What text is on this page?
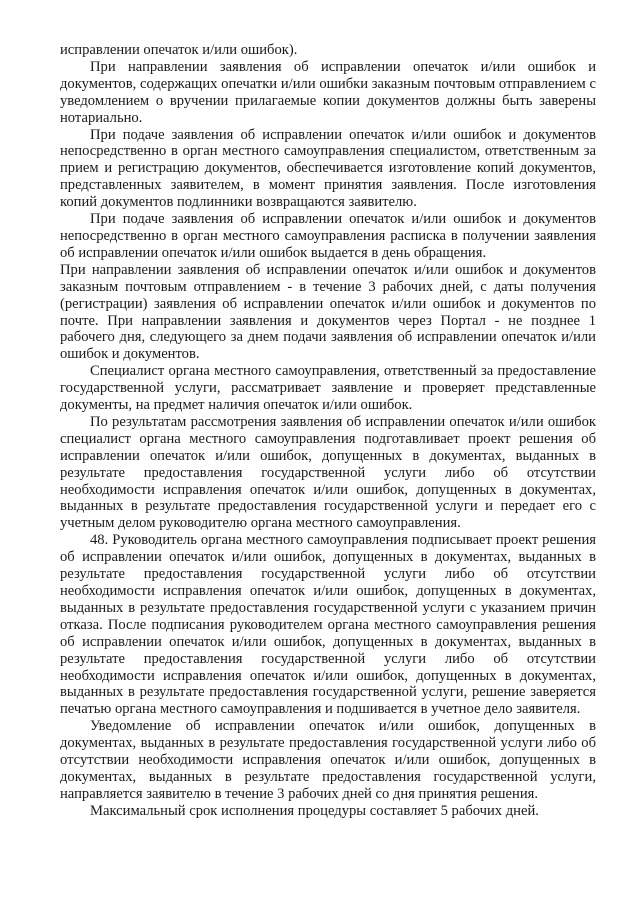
исправлении опечаток и/или ошибок).

При направлении заявления об исправлении опечаток и/или ошибок и документов, содержащих опечатки и/или ошибки заказным почтовым отправлением с уведомлением о вручении прилагаемые копии документов должны быть заверены нотариально.

При подаче заявления об исправлении опечаток и/или ошибок и документов непосредственно в орган местного самоуправления специалистом, ответственным за прием и регистрацию документов, обеспечивается изготовление копий документов, представленных заявителем, в момент принятия заявления. После изготовления копий документов подлинники возвращаются заявителю.

При подаче заявления об исправлении опечаток и/или ошибок и документов непосредственно в орган местного самоуправления расписка в получении заявления об исправлении опечаток и/или ошибок выдается в день обращения.

При направлении заявления об исправлении опечаток и/или ошибок и документов заказным почтовым отправлением - в течение 3 рабочих дней, с даты получения (регистрации) заявления об исправлении опечаток и/или ошибок и документов по почте. При направлении заявления и документов через Портал - не позднее 1 рабочего дня, следующего за днем подачи заявления об исправлении опечаток и/или ошибок и документов.

Специалист органа местного самоуправления, ответственный за предоставление государственной услуги, рассматривает заявление и проверяет представленные документы, на предмет наличия опечаток и/или ошибок.

По результатам рассмотрения заявления об исправлении опечаток и/или ошибок специалист органа местного самоуправления подготавливает проект решения об исправлении опечаток и/или ошибок, допущенных в документах, выданных в результате предоставления государственной услуги либо об отсутствии необходимости исправления опечаток и/или ошибок, допущенных в документах, выданных в результате предоставления государственной услуги и передает его с учетным делом руководителю органа местного самоуправления.

48. Руководитель органа местного самоуправления подписывает проект решения об исправлении опечаток и/или ошибок, допущенных в документах, выданных в результате предоставления государственной услуги либо об отсутствии необходимости исправления опечаток и/или ошибок, допущенных в документах, выданных в результате предоставления государственной услуги с указанием причин отказа. После подписания руководителем органа местного самоуправления решения об исправлении опечаток и/или ошибок, допущенных в документах, выданных в результате предоставления государственной услуги либо об отсутствии необходимости исправления опечаток и/или ошибок, допущенных в документах, выданных в результате предоставления государственной услуги, решение заверяется печатью органа местного самоуправления и подшивается в учетное дело заявителя.

Уведомление об исправлении опечаток и/или ошибок, допущенных в документах, выданных в результате предоставления государственной услуги либо об отсутствии необходимости исправления опечаток и/или ошибок, допущенных в документах, выданных в результате предоставления государственной услуги, направляется заявителю в течение 3 рабочих дней со дня принятия решения.

Максимальный срок исполнения процедуры составляет 5 рабочих дней.
